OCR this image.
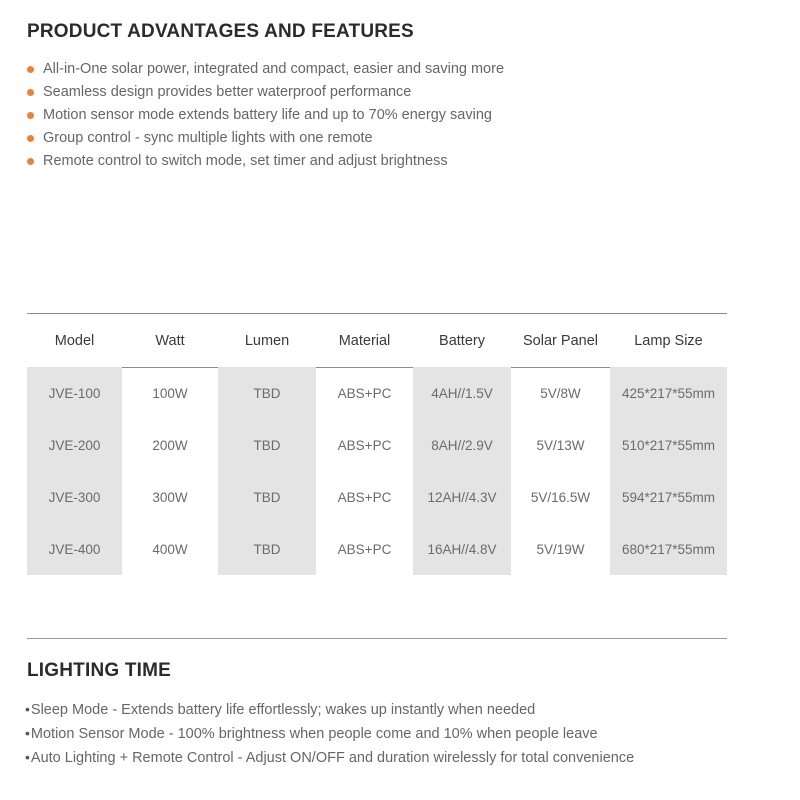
PRODUCT ADVANTAGES AND FEATURES
All-in-One solar power, integrated and compact, easier and saving more
Seamless design provides better waterproof performance
Motion sensor mode extends battery life and up to 70% energy saving
Group control - sync multiple lights with one remote
Remote control to switch mode, set timer and adjust brightness
Model	Watt	Lumen	Material	Battery	Solar Panel	Lamp Size
JVE-100	100W	TBD	ABS+PC	4AH//1.5V	5V/8W	425*217*55mm
JVE-200	200W	TBD	ABS+PC	8AH//2.9V	5V/13W	510*217*55mm
JVE-300	300W	TBD	ABS+PC	12AH//4.3V	5V/16.5W	594*217*55mm
JVE-400	400W	TBD	ABS+PC	16AH//4.8V	5V/19W	680*217*55mm
LIGHTING TIME
•Sleep Mode - Extends battery life effortlessly; wakes up instantly when needed
•Motion Sensor Mode - 100% brightness when people come and 10% when people leave
•Auto Lighting + Remote Control - Adjust ON/OFF and duration wirelessly for total convenience
